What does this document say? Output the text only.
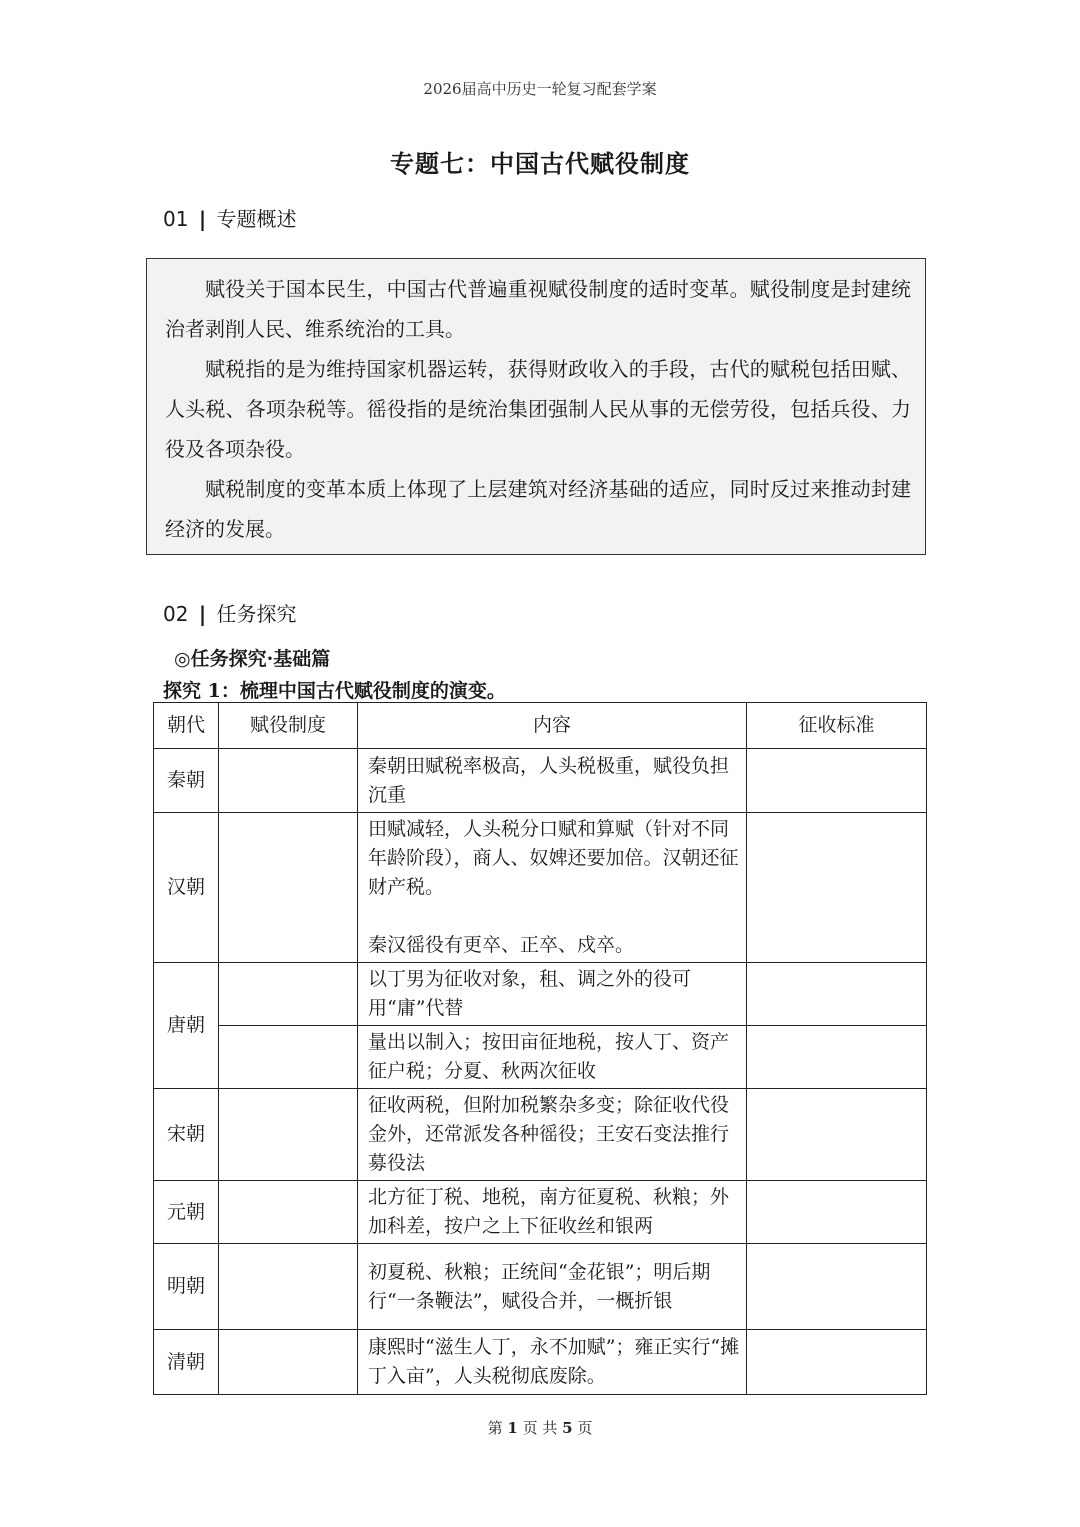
2026届高中历史一轮复习配套学案
专题七：中国古代赋役制度
01 | 专题概述

赋役关于国本民生，中国古代普遍重视赋役制度的适时变革。赋役制度是封建统治者剥削人民、维系统治的工具。

赋税指的是为维持国家机器运转，获得财政收入的手段，古代的赋税包括田赋、人头税、各项杂税等。徭役指的是统治集团强制人民从事的无偿劳役，包括兵役、力役及各项杂役。

赋税制度的变革本质上体现了上层建筑对经济基础的适应，同时反过来推动封建经济的发展。

02 | 任务探究
◎任务探究·基础篇
探究 1：梳理中国古代赋役制度的演变。
朝代	赋役制度	内容	征收标准
秦朝		秦朝田赋税率极高，人头税极重，赋役负担沉重	
汉朝		田赋减轻，人头税分口赋和算赋（针对不同年龄阶段），商人、奴婢还要加倍。汉朝还征财产税。
秦汉徭役有更卒、正卒、戍卒。	
唐朝		以丁男为征收对象，租、调之外的役可用“庸”代替	
		量出以制入；按田亩征地税，按人丁、资产征户税；分夏、秋两次征收	
宋朝		征收两税，但附加税繁杂多变；除征收代役金外，还常派发各种徭役；王安石变法推行募役法	
元朝		北方征丁税、地税，南方征夏税、秋粮；外加科差，按户之上下征收丝和银两	
明朝		初夏税、秋粮；正统间“金花银”；明后期行“一条鞭法”，赋役合并，一概折银	
清朝		康熙时“滋生人丁，永不加赋”；雍正实行“摊丁入亩”，人头税彻底废除。	
第 1 页 共 5 页
